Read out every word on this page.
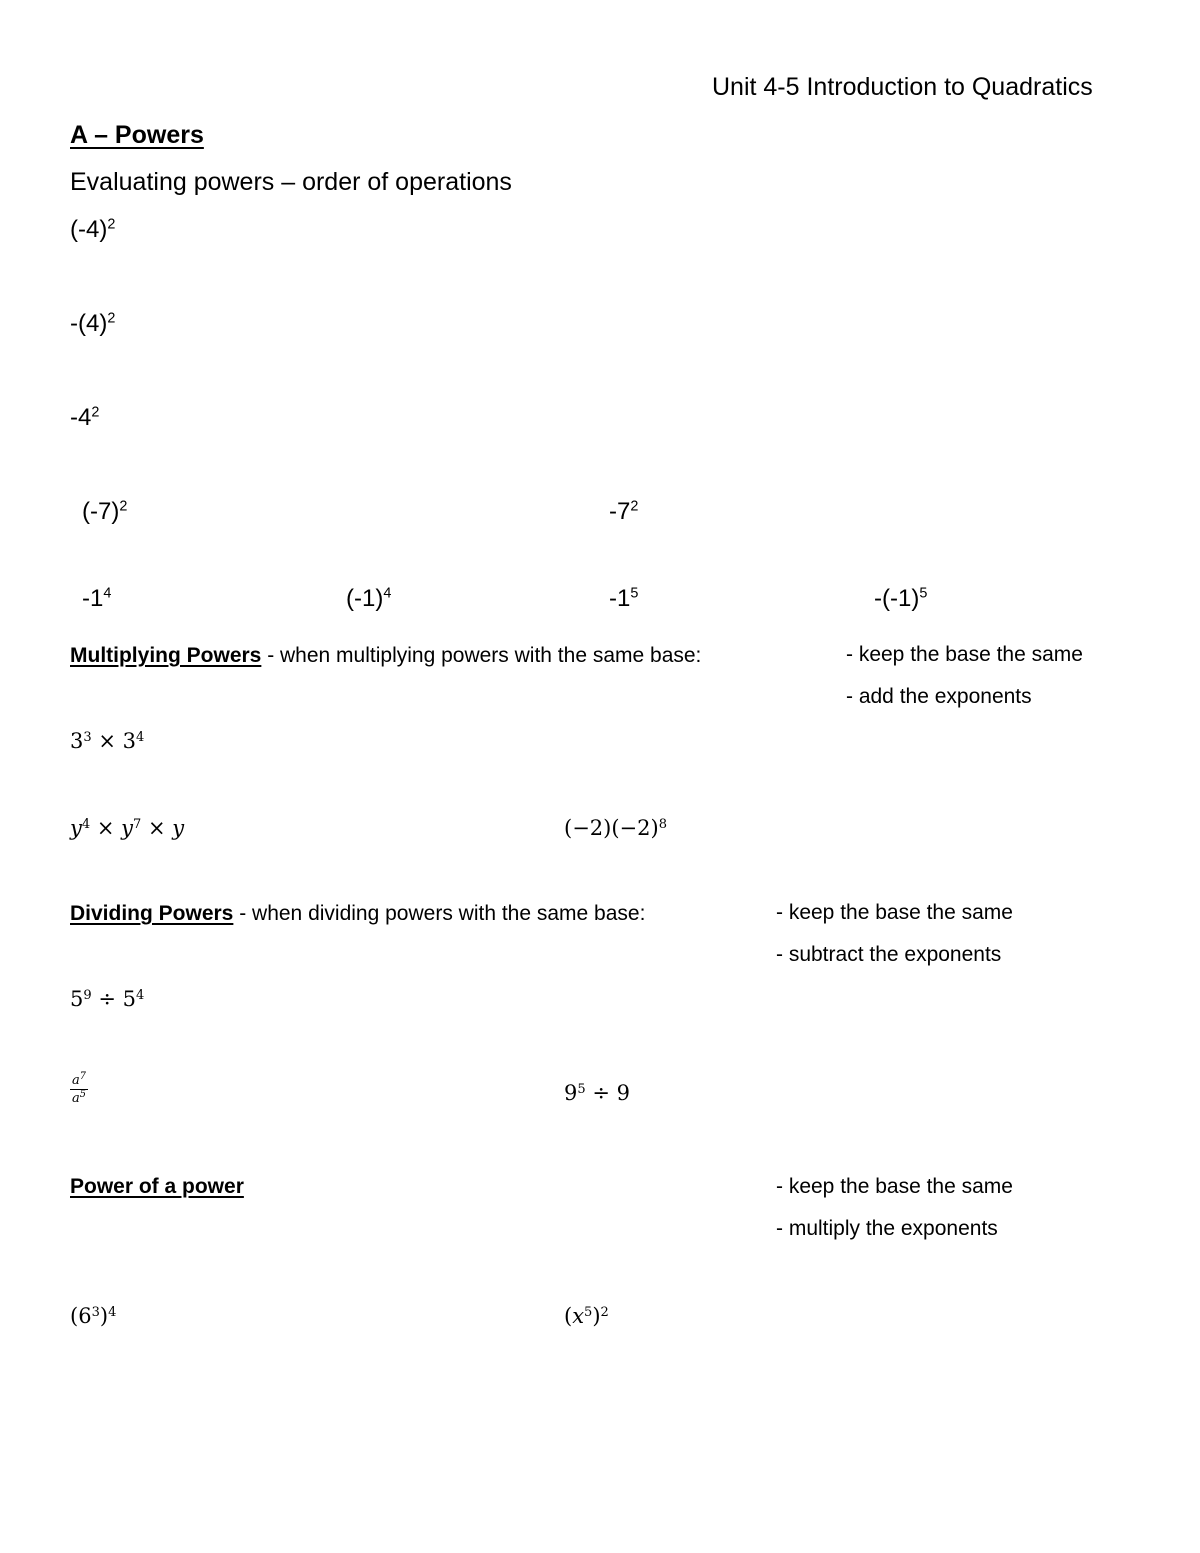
Unit 4-5 Introduction to Quadratics
A – Powers
Evaluating powers – order of operations
$(-4)^2$
$-(4)^2$
$-4^2$
$(-7)^2$	$-7^2$
$-1^4$	$(-1)^4$	$-1^5$	$-(-1)^5$
Multiplying Powers - when multiplying powers with the same base:	- keep the base the same
- add the exponents
$3^3 \times 3^4$
$y^4 \times y^7 \times y$	$(-2)(-2)^8$
Dividing Powers - when dividing powers with the same base:	- keep the base the same
- subtract the exponents
$5^9 \div 5^4$
$\frac{a^7}{a^5}$	$9^5 \div 9$
Power of a power	- keep the base the same
- multiply the exponents
$(6^3)^4$	$(x^5)^2$
